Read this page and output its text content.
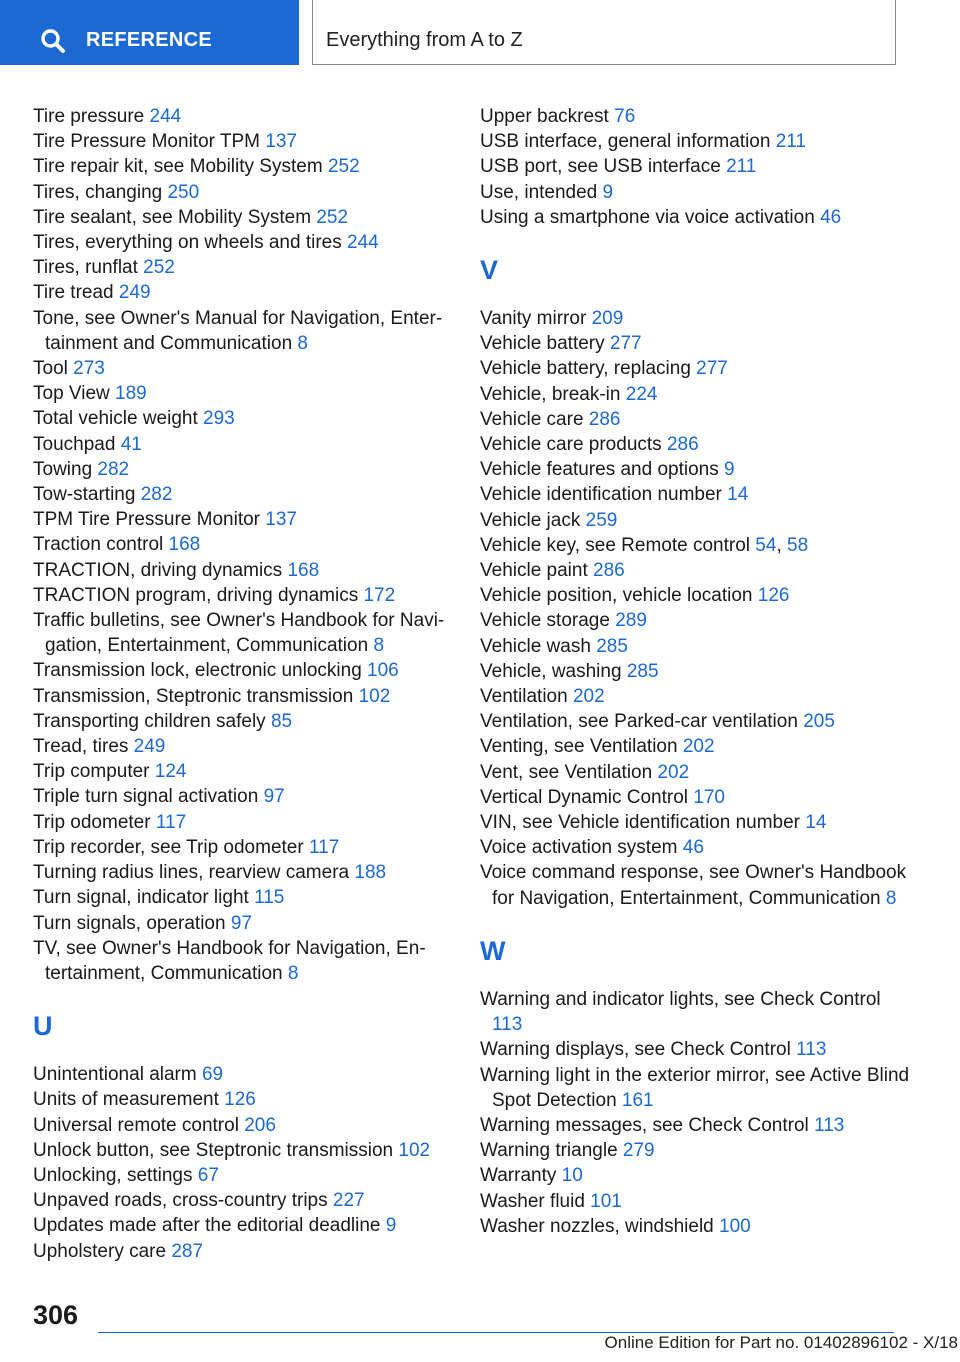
REFERENCE	Everything from A to Z
Tire pressure 244
Tire Pressure Monitor TPM 137
Tire repair kit, see Mobility System 252
Tires, changing 250
Tire sealant, see Mobility System 252
Tires, everything on wheels and tires 244
Tires, runflat 252
Tire tread 249
Tone, see Owner's Manual for Navigation, Entertainment and Communication 8
Tool 273
Top View 189
Total vehicle weight 293
Touchpad 41
Towing 282
Tow-starting 282
TPM Tire Pressure Monitor 137
Traction control 168
TRACTION, driving dynamics 168
TRACTION program, driving dynamics 172
Traffic bulletins, see Owner's Handbook for Navigation, Entertainment, Communication 8
Transmission lock, electronic unlocking 106
Transmission, Steptronic transmission 102
Transporting children safely 85
Tread, tires 249
Trip computer 124
Triple turn signal activation 97
Trip odometer 117
Trip recorder, see Trip odometer 117
Turning radius lines, rearview camera 188
Turn signal, indicator light 115
Turn signals, operation 97
TV, see Owner's Handbook for Navigation, Entertainment, Communication 8
U
Unintentional alarm 69
Units of measurement 126
Universal remote control 206
Unlock button, see Steptronic transmission 102
Unlocking, settings 67
Unpaved roads, cross-country trips 227
Updates made after the editorial deadline 9
Upholstery care 287
Upper backrest 76
USB interface, general information 211
USB port, see USB interface 211
Use, intended 9
Using a smartphone via voice activation 46
V
Vanity mirror 209
Vehicle battery 277
Vehicle battery, replacing 277
Vehicle, break-in 224
Vehicle care 286
Vehicle care products 286
Vehicle features and options 9
Vehicle identification number 14
Vehicle jack 259
Vehicle key, see Remote control 54, 58
Vehicle paint 286
Vehicle position, vehicle location 126
Vehicle storage 289
Vehicle wash 285
Vehicle, washing 285
Ventilation 202
Ventilation, see Parked-car ventilation 205
Venting, see Ventilation 202
Vent, see Ventilation 202
Vertical Dynamic Control 170
VIN, see Vehicle identification number 14
Voice activation system 46
Voice command response, see Owner's Handbook for Navigation, Entertainment, Communication 8
W
Warning and indicator lights, see Check Control 113
Warning displays, see Check Control 113
Warning light in the exterior mirror, see Active Blind Spot Detection 161
Warning messages, see Check Control 113
Warning triangle 279
Warranty 10
Washer fluid 101
Washer nozzles, windshield 100
306
Online Edition for Part no. 01402896102 - X/18
